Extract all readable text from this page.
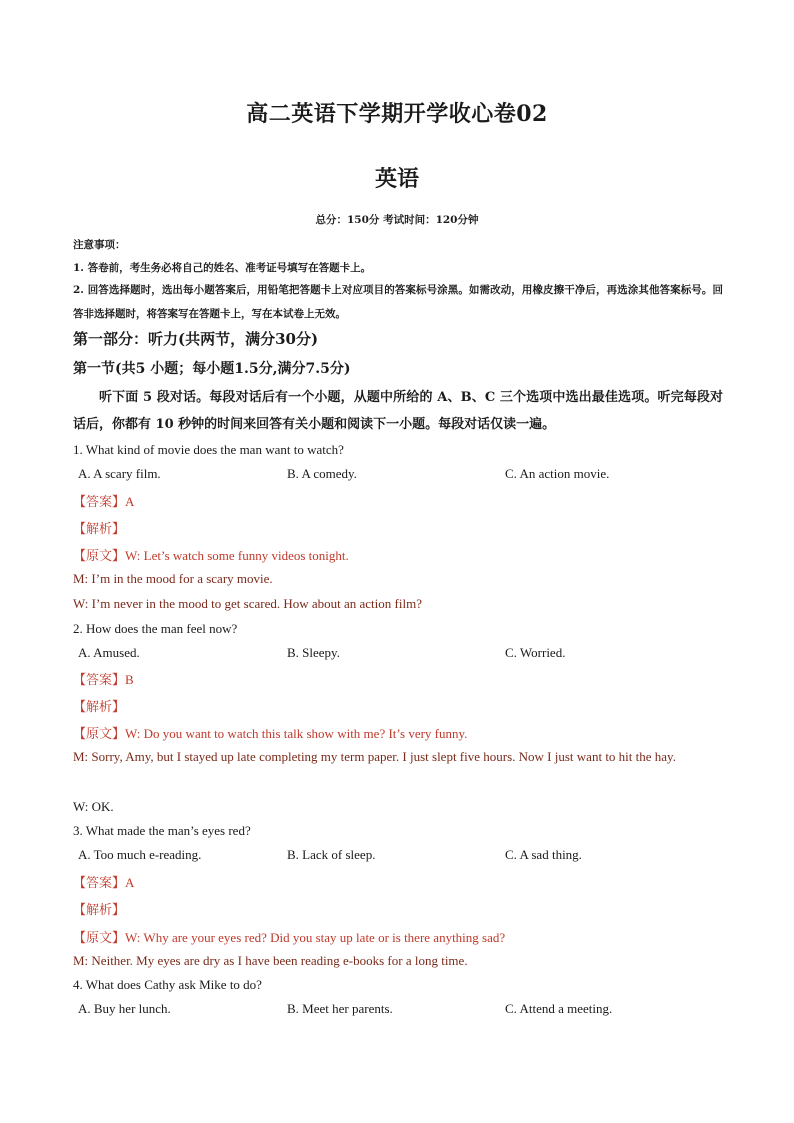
高二英语下学期开学收心卷02
英语
总分：150分 考试时间：120分钟
注意事项：
1. 答卷前，考生务必将自己的姓名、准考证号填写在答题卡上。
2. 回答选择题时，选出每小题答案后，用铅笔把答题卡上对应项目的答案标号涂黑。如需改动，用橡皮擦干净后，再选涂其他答案标号。回答非选择题时，将答案写在答题卡上，写在本试卷上无效。
第一部分：听力(共两节，满分30分)
第一节(共5 小题；每小题1.5分,满分7.5分)
听下面 5 段对话。每段对话后有一个小题，从题中所给的 A、B、C 三个选项中选出最佳选项。听完每段对话后，你都有 10 秒钟的时间来回答有关小题和阅读下一小题。每段对话仅读一遍。
1. What kind of movie does the man want to watch?
A. A scary film.	B. A comedy.	C. An action movie.
【答案】A
【解析】
【原文】W: Let’s watch some funny videos tonight.
M: I’m in the mood for a scary movie.
W: I’m never in the mood to get scared. How about an action film?
2. How does the man feel now?
A. Amused.	B. Sleepy.	C. Worried.
【答案】B
【解析】
【原文】W: Do you want to watch this talk show with me? It’s very funny.
M: Sorry, Amy, but I stayed up late completing my term paper. I just slept five hours. Now I just want to hit the hay.
W: OK.
3. What made the man’s eyes red?
A. Too much e-reading.	B. Lack of sleep.	C. A sad thing.
【答案】A
【解析】
【原文】W: Why are your eyes red? Did you stay up late or is there anything sad?
M: Neither. My eyes are dry as I have been reading e-books for a long time.
4. What does Cathy ask Mike to do?
A. Buy her lunch.	B. Meet her parents.	C. Attend a meeting.
